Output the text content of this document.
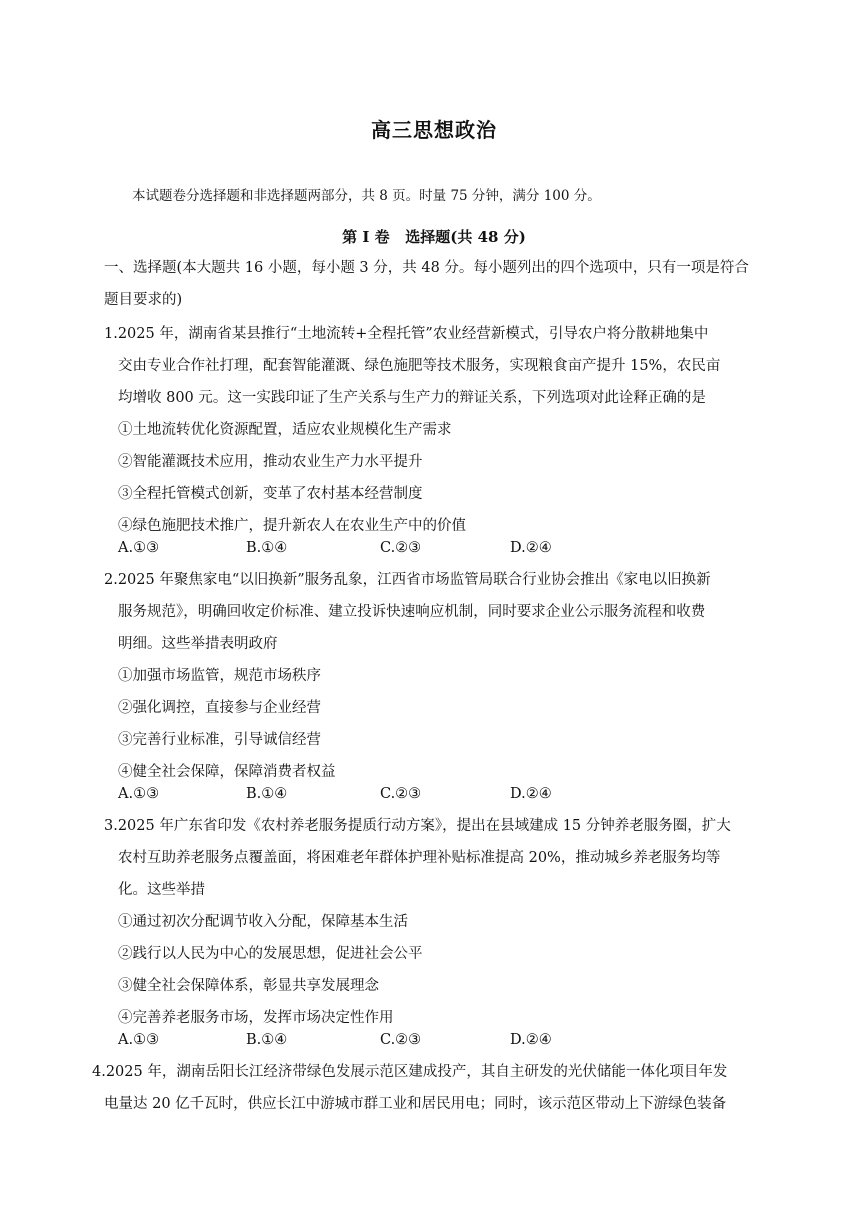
高三思想政治
本试题卷分选择题和非选择题两部分，共 8 页。时量 75 分钟，满分 100 分。
第 Ⅰ 卷   选择题(共 48 分)
一、选择题(本大题共 16 小题，每小题 3 分，共 48 分。每小题列出的四个选项中，只有一项是符合
题目要求的)
1.2025 年，湖南省某县推行“土地流转+全程托管”农业经营新模式，引导农户将分散耕地集中
交由专业合作社打理，配套智能灌溉、绿色施肥等技术服务，实现粮食亩产提升 15%，农民亩
均增收 800 元。这一实践印证了生产关系与生产力的辩证关系，下列选项对此诠释正确的是
①土地流转优化资源配置，适应农业规模化生产需求
②智能灌溉技术应用，推动农业生产力水平提升
③全程托管模式创新，变革了农村基本经营制度
④绿色施肥技术推广，提升新农人在农业生产中的价值
A.①③	B.①④	C.②③	D.②④
2.2025 年聚焦家电“以旧换新”服务乱象，江西省市场监管局联合行业协会推出《家电以旧换新
服务规范》，明确回收定价标准、建立投诉快速响应机制，同时要求企业公示服务流程和收费
明细。这些举措表明政府
①加强市场监管，规范市场秩序
②强化调控，直接参与企业经营
③完善行业标准，引导诚信经营
④健全社会保障，保障消费者权益
A.①③	B.①④	C.②③	D.②④
3.2025 年广东省印发《农村养老服务提质行动方案》，提出在县域建成 15 分钟养老服务圈，扩大
农村互助养老服务点覆盖面，将困难老年群体护理补贴标准提高 20%，推动城乡养老服务均等
化。这些举措
①通过初次分配调节收入分配，保障基本生活
②践行以人民为中心的发展思想，促进社会公平
③健全社会保障体系，彰显共享发展理念
④完善养老服务市场，发挥市场决定性作用
A.①③	B.①④	C.②③	D.②④
4.2025 年，湖南岳阳长江经济带绿色发展示范区建成投产，其自主研发的光伏储能一体化项目年发
电量达 20 亿千瓦时，供应长江中游城市群工业和居民用电；同时，该示范区带动上下游绿色装备
